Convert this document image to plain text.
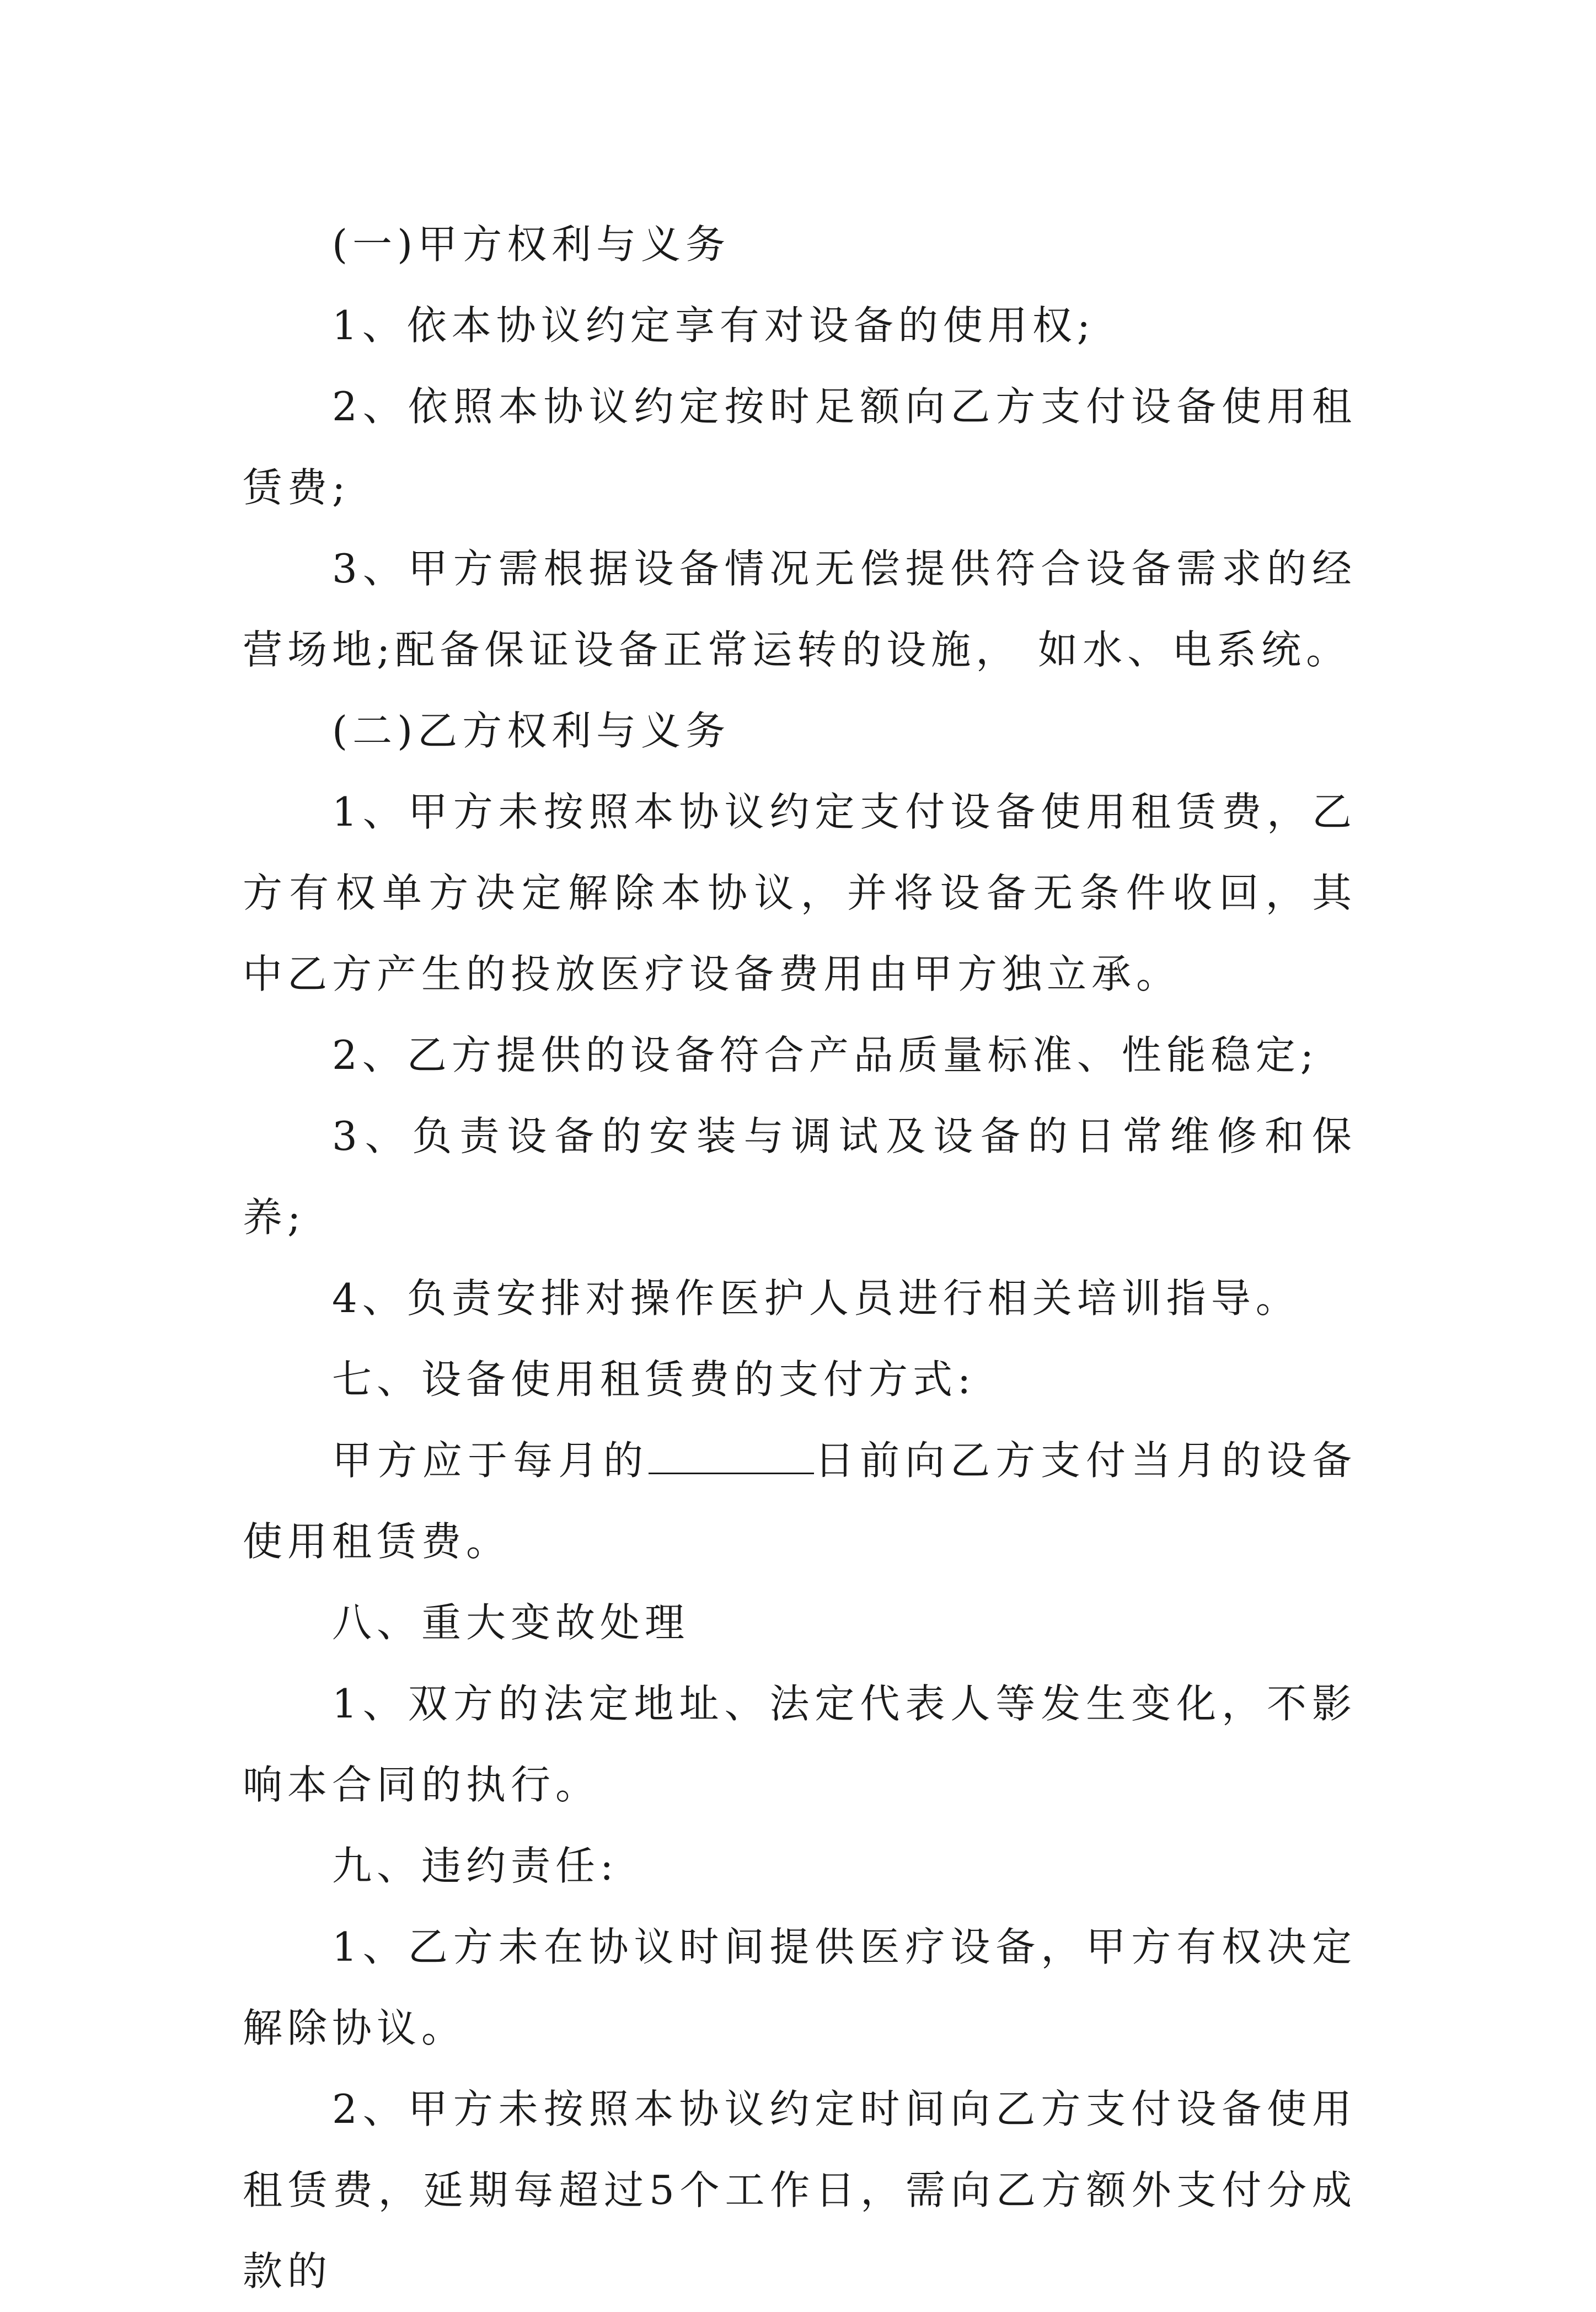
(一)甲方权利与义务

1、依本协议约定享有对设备的使用权;

2、依照本协议约定按时足额向乙方支付设备使用租赁费;

3、甲方需根据设备情况无偿提供符合设备需求的经营场地;配备保证设备正常运转的设施， 如水、电系统。

(二)乙方权利与义务

1、甲方未按照本协议约定支付设备使用租赁费，乙方有权单方决定解除本协议，并将设备无条件收回，其中乙方产生的投放医疗设备费用由甲方独立承。

2、乙方提供的设备符合产品质量标准、性能稳定;

3、负责设备的安装与调试及设备的日常维修和保养;

4、负责安排对操作医护人员进行相关培训指导。

七、设备使用租赁费的支付方式:

甲方应于每月的	日前向乙方支付当月的设备使用租赁费。

八、重大变故处理

1、双方的法定地址、法定代表人等发生变化，不影响本合同的执行。

九、违约责任:

1、乙方未在协议时间提供医疗设备，甲方有权决定解除协议。

2、甲方未按照本协议约定时间向乙方支付设备使用租赁费，延期每超过5个工作日，需向乙方额外支付分成款的
